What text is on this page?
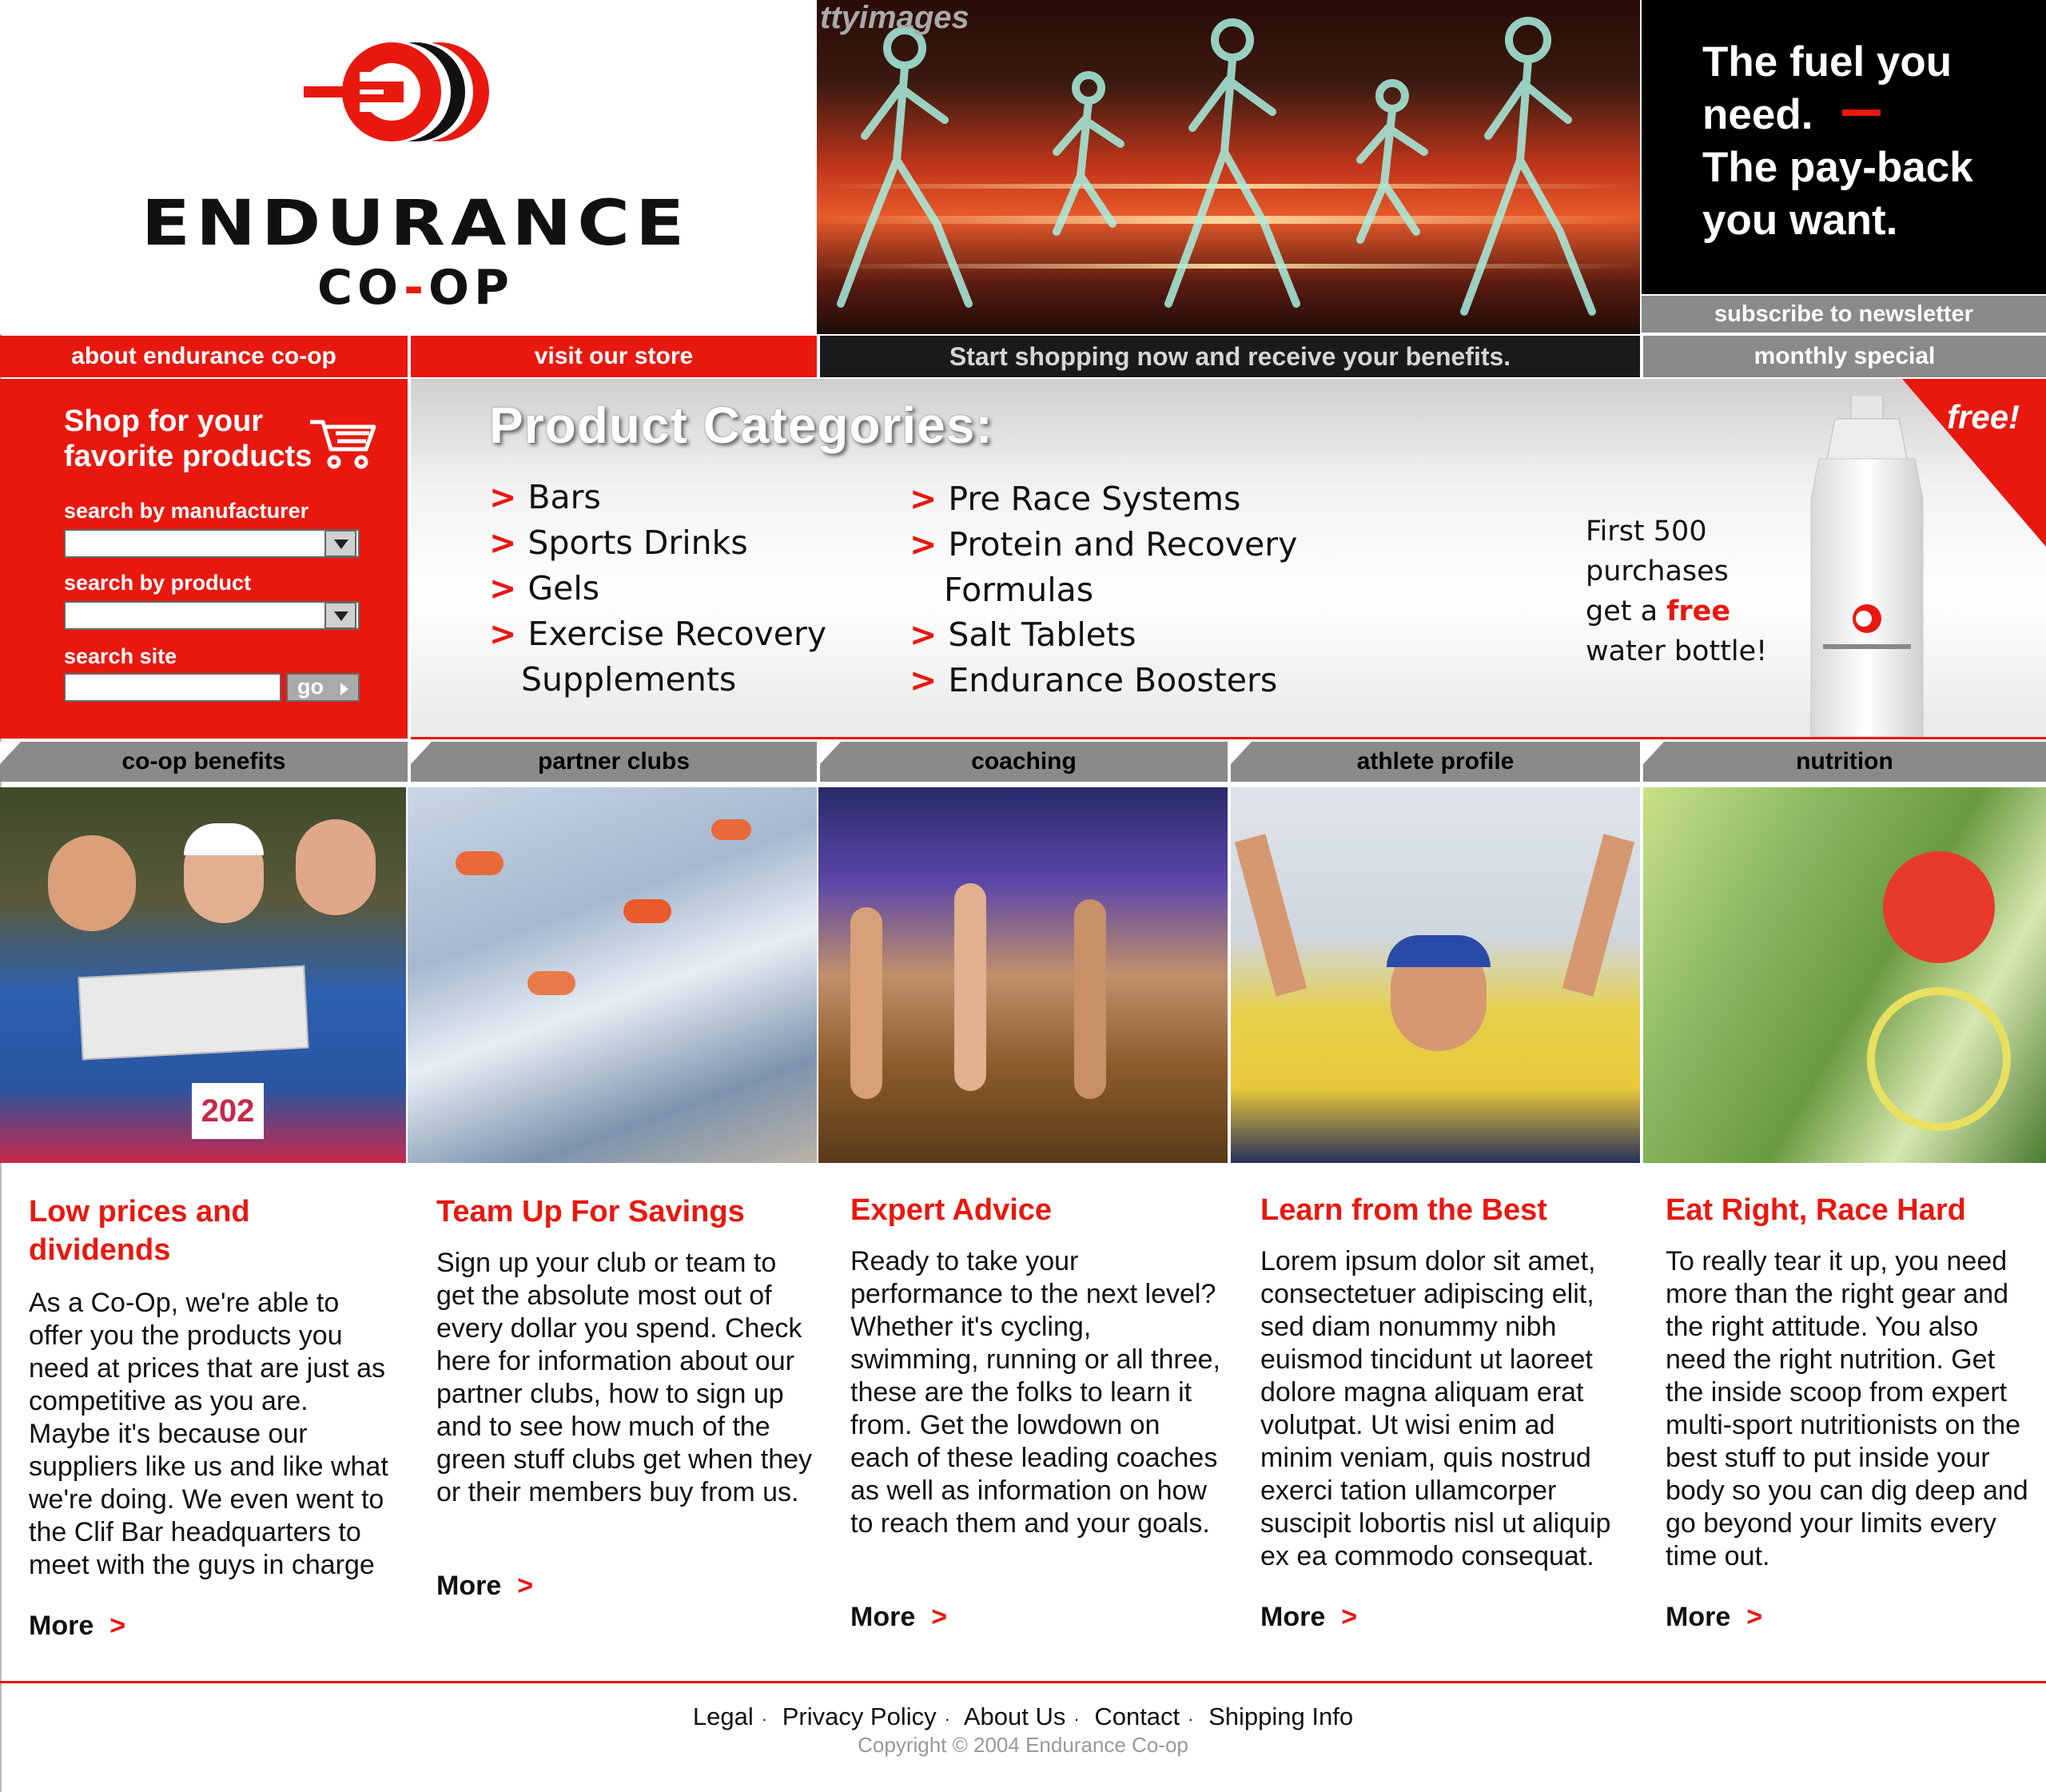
ENDURANCE
CO-OP
ttyimages
The fuel you
need.
The pay-back
you want.
subscribe to newsletter
about endurance co-op	visit our store	Start shopping now and receive your benefits.	monthly special
Shop for your
favorite products
search by manufacturer
search by product
search site
go
Product Categories:
> Bars
> Sports Drinks
> Gels
> Exercise Recovery
Supplements
> Pre Race Systems
> Protein and Recovery
Formulas
> Salt Tablets
> Endurance Boosters
free!
First 500
purchases
get a free
water bottle!
co-op benefits	partner clubs	coaching	athlete profile	nutrition
202
Low prices and dividends
As a Co-Op, we're able to offer you the products you need at prices that are just as competitive as you are. Maybe it's because our suppliers like us and like what we're doing. We even went to the Clif Bar headquarters to meet with the guys in charge
More >
Team Up For Savings
Sign up your club or team to get the absolute most out of every dollar you spend. Check here for information about our partner clubs, how to sign up and to see how much of the green stuff clubs get when they or their members buy from us.
More >
Expert Advice
Ready to take your performance to the next level? Whether it's cycling, swimming, running or all three, these are the folks to learn it from. Get the lowdown on each of these leading coaches as well as information on how to reach them and your goals.
More >
Learn from the Best
Lorem ipsum dolor sit amet, consectetuer adipiscing elit, sed diam nonummy nibh euismod tincidunt ut laoreet dolore magna aliquam erat volutpat. Ut wisi enim ad minim veniam, quis nostrud exerci tation ullamcorper suscipit lobortis nisl ut aliquip ex ea commodo consequat.
More >
Eat Right, Race Hard
To really tear it up, you need more than the right gear and the right attitude. You also need the right nutrition. Get the inside scoop from expert multi-sport nutritionists on the best stuff to put inside your body so you can dig deep and go beyond your limits every time out.
More >
Legal · Privacy Policy · About Us · Contact · Shipping Info
Copyright © 2004 Endurance Co-op
